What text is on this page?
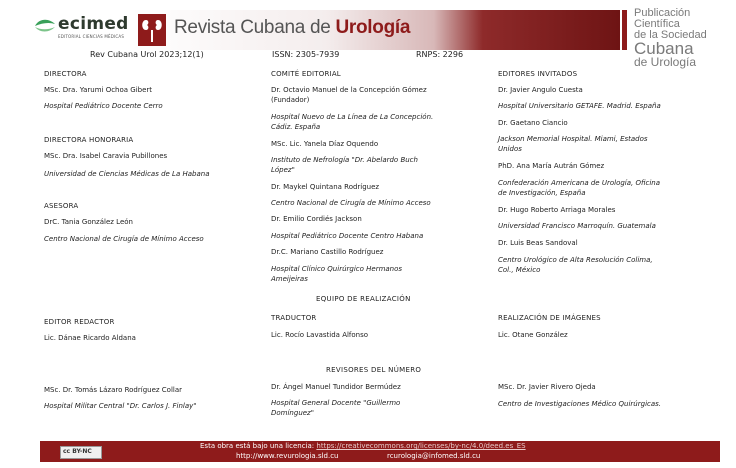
ecimed
EDITORIAL CIENCIAS MÉDICAS	Revista Cubana de Urología
Publicación
Científica
de la Sociedad
Cubana
de Urología
Rev Cubana Urol 2023;12(1)	ISSN: 2305-7939	RNPS: 2296
DIRECTORA
MSc. Dra. Yarumi Ochoa Gibert
Hospital Pediátrico Docente Cerro
DIRECTORA HONORARIA
MSc. Dra. Isabel Caravia Pubillones
Universidad de Ciencias Médicas de La Habana
ASESORA
DrC. Tania González León
Centro Nacional de Cirugía de Mínimo Acceso
EDITOR REDACTOR
Lic. Dánae Ricardo Aldana
MSc. Dr. Tomás Lázaro Rodríguez Collar
Hospital Militar Central "Dr. Carlos J. Finlay"
COMITÉ EDITORIAL
Dr. Octavio Manuel de la Concepción Gómez
(Fundador)
Hospital Nuevo de La Línea de La Concepción.
Cádiz. España
MSc. Lic. Yanela Díaz Oquendo
Instituto de Nefrología "Dr. Abelardo Buch
López"
Dr. Maykel Quintana Rodríguez
Centro Nacional de Cirugía de Mínimo Acceso
Dr. Emilio Cordiés Jackson
Hospital Pediátrico Docente Centro Habana
Dr.C. Mariano Castillo Rodríguez
Hospital Clínico Quirúrgico Hermanos
Ameijeiras
EQUIPO DE REALIZACIÓN
TRADUCTOR
Lic. Rocío Lavastida Alfonso
REVISORES DEL NÚMERO
Dr. Ángel Manuel Tundidor Bermúdez
Hospital General Docente "Guillermo
Domínguez"
EDITORES INVITADOS
Dr. Javier Angulo Cuesta
Hospital Universitario GETAFE. Madrid. España
Dr. Gaetano Ciancio
Jackson Memorial Hospital. Miami, Estados
Unidos
PhD. Ana María Autrán Gómez
Confederación Americana de Urología, Oficina
de Investigación, España
Dr. Hugo Roberto Arriaga Morales
Universidad Francisco Marroquín. Guatemala
Dr. Luis Beas Sandoval
Centro Urológico de Alta Resolución Colima,
Col., México
REALIZACIÓN DE IMÁGENES
Lic. Otane González
MSc. Dr. Javier Rivero Ojeda
Centro de Investigaciones Médico Quirúrgicas.
cc BY-NC
Esta obra está bajo una licencia: https://creativecommons.org/licenses/by-nc/4.0/deed.es_ES
http://www.revurologia.sld.cu	rcurologia@infomed.sld.cu
